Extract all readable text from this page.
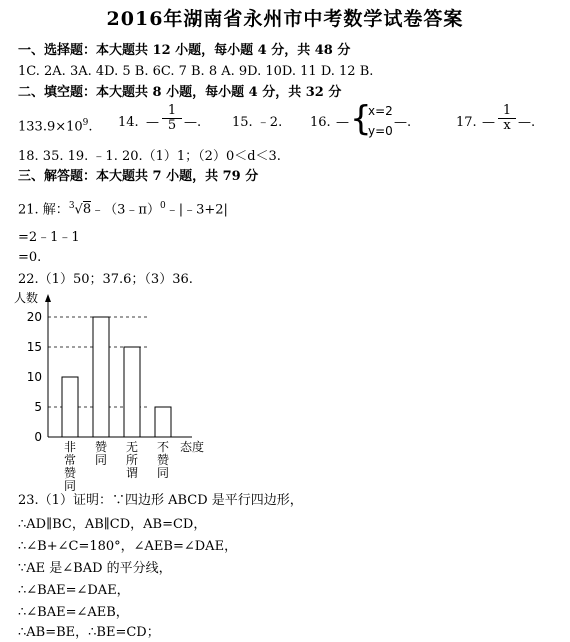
2016年湖南省永州市中考数学试卷答案
一、选择题：本大题共 12 小题，每小题 4 分，共 48 分
1C. 2A. 3A. 4D. 5 B. 6C. 7 B. 8 A. 9D. 10D. 11 D. 12 B.
二、填空题：本大题共 8 小题，每小题 4 分，共 32 分
$133.9\times 10^9$. 14. —
1
5 —. 15. ﹣2. 16. — {
x=2
y=0
—.	17. —
1
x —.
18. 35. 19. ﹣1. 20.（1）1；（2）0＜d＜3.
三、解答题：本大题共 7 小题，共 79 分
21. 解：$^3$√8﹣（3﹣π）$^0$﹣|﹣3+2|
=2﹣1﹣1
=0.
22.（1）50；37.6；（3）36.
人数
0
5
10
15
20
非
常
赞
同
赞
同
无
所
谓
不
赞
同
态度
23.（1）证明：∵四边形 ABCD 是平行四边形，
∴AD∥BC，AB∥CD，AB=CD，
∴∠B+∠C=180°，∠AEB=∠DAE，
∵AE 是∠BAD 的平分线，
∴∠BAE=∠DAE，
∴∠BAE=∠AEB，
∴AB=BE，∴BE=CD；
